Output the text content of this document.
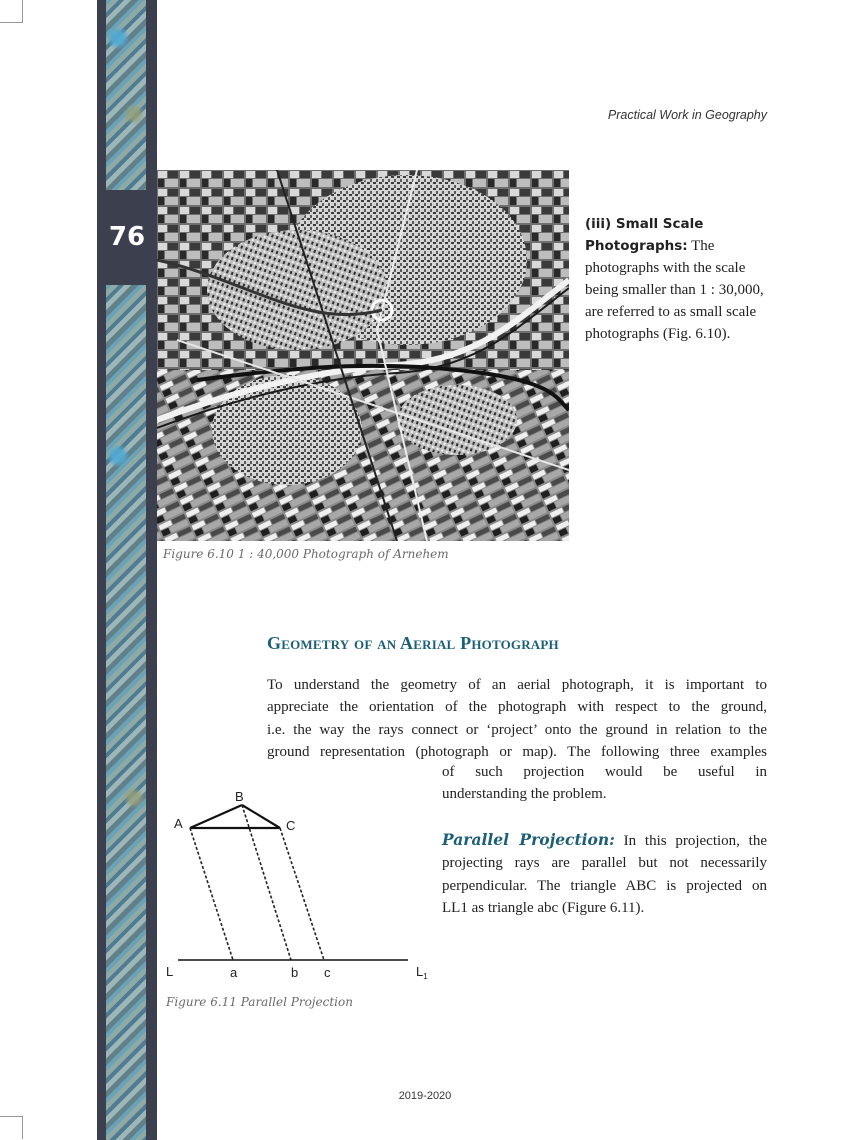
76
Practical Work in Geography
Figure 6.10 1 : 40,000 Photograph of Arnehem
(iii) Small Scale Photographs: The photographs with the scale being smaller than 1 : 30,000, are referred to as small scale photographs (Fig. 6.10).
Geometry of an Aerial Photograph
To understand the geometry of an aerial photograph, it is important to
appreciate the orientation of the photograph with respect to the ground,
i.e. the way the rays connect or ‘project’ onto the ground in relation to the
ground representation (photograph or map). The following three examples
of such projection would be useful in
understanding the problem.
Parallel Projection: In this projection, the
projecting rays are parallel but not necessarily
perpendicular. The triangle ABC is projected on
LL1 as triangle abc (Figure 6.11).
A
B
C
a	b c
L	$L_1$
Figure 6.11 Parallel Projection
2019-2020
